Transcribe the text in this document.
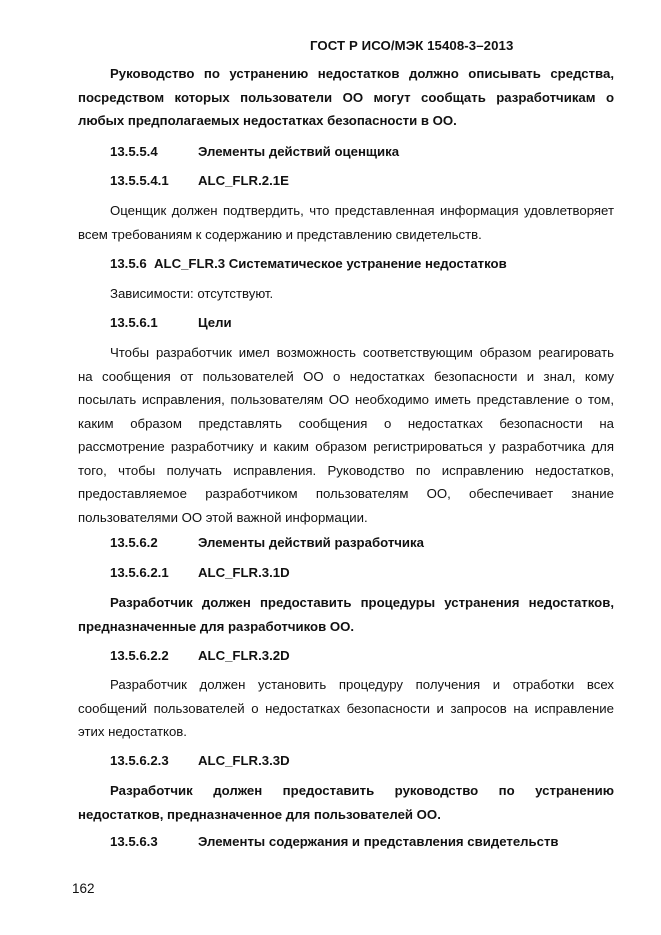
ГОСТ Р ИСО/МЭК 15408-3–2013
Руководство по устранению недостатков должно описывать средства,
посредством которых пользователи ОО могут сообщать разработчикам о
любых предполагаемых недостатках безопасности в ОО.
13.5.5.4	Элементы действий оценщика
13.5.5.4.1 ALC_FLR.2.1E
Оценщик должен подтвердить, что представленная информация удовлетворяет
всем требованиям к содержанию и представлению свидетельств.
13.5.6 ALC_FLR.3 Систематическое устранение недостатков
Зависимости: отсутствуют.
13.5.6.1	Цели
Чтобы разработчик имел возможность соответствующим образом реагировать
на сообщения от пользователей ОО о недостатках безопасности и знал, кому
посылать исправления, пользователям ОО необходимо иметь представление о том,
каким образом представлять сообщения о недостатках безопасности на
рассмотрение разработчику и каким образом регистрироваться у разработчика для
того, чтобы получать исправления. Руководство по исправлению недостатков,
предоставляемое разработчиком пользователям ОО, обеспечивает знание
пользователями ОО этой важной информации.
13.5.6.2	Элементы действий разработчика
13.5.6.2.1 ALC_FLR.3.1D
Разработчик должен предоставить процедуры устранения недостатков,
предназначенные для разработчиков ОО.
13.5.6.2.2 ALC_FLR.3.2D
Разработчик должен установить процедуру получения и отработки всех
сообщений пользователей о недостатках безопасности и запросов на исправление
этих недостатков.
13.5.6.2.3 ALC_FLR.3.3D
Разработчик должен предоставить руководство по устранению
недостатков, предназначенное для пользователей ОО.
13.5.6.3	Элементы содержания и представления свидетельств
162
